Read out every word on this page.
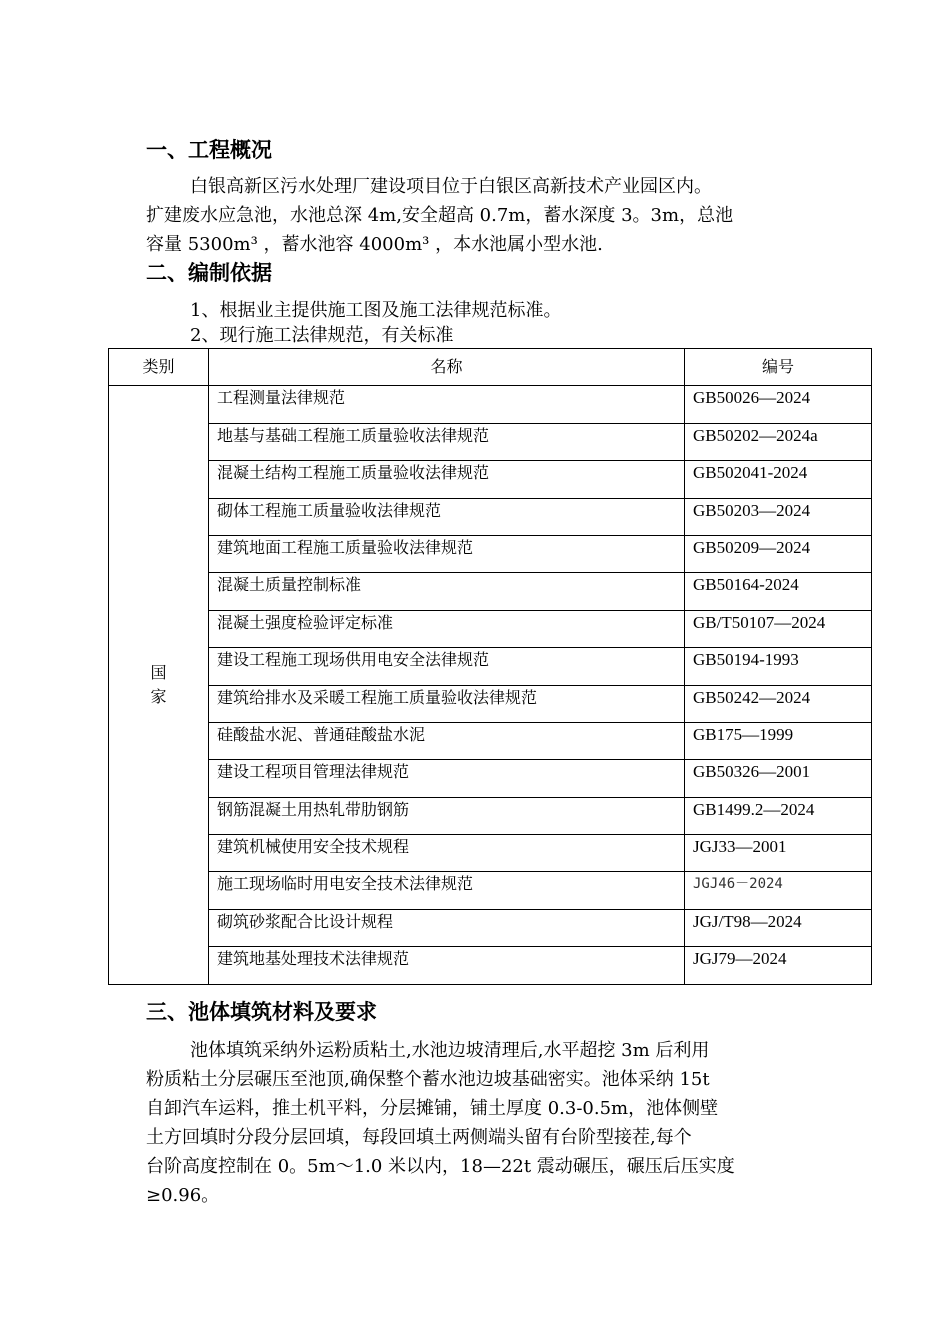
一、工程概况

白银高新区污水处理厂建设项目位于白银区高新技术产业园区内。
扩建废水应急池，水池总深 4m,安全超高 0.7m，蓄水深度 3。3m，总池
容量 5300m³ ，蓄水池容 4000m³ ，本水池属小型水池.

二、编制依据

1、根据业主提供施工图及施工法律规范标准。

2、现行施工法律规范，有关标准

类别	名称	编号
国家	工程测量法律规范	GB50026—2024
	地基与基础工程施工质量验收法律规范	GB50202—2024a
	混凝土结构工程施工质量验收法律规范	GB502041-2024
	砌体工程施工质量验收法律规范	GB50203—2024
	建筑地面工程施工质量验收法律规范	GB50209—2024
	混凝土质量控制标准	GB50164-2024
	混凝土强度检验评定标准	GB/T50107—2024
	建设工程施工现场供用电安全法律规范	GB50194-1993
	建筑给排水及采暖工程施工质量验收法律规范	GB50242—2024
	硅酸盐水泥、普通硅酸盐水泥	GB175—1999
	建设工程项目管理法律规范	GB50326—2001
	钢筋混凝土用热轧带肋钢筋	GB1499.2—2024
	建筑机械使用安全技术规程	JGJ33—2001
	施工现场临时用电安全技术法律规范	JGJ46－2024
	砌筑砂浆配合比设计规程	JGJ/T98—2024
	建筑地基处理技术法律规范	JGJ79—2024
三、池体填筑材料及要求

池体填筑采纳外运粉质粘土,水池边坡清理后,水平超挖 3m 后利用
粉质粘土分层碾压至池顶,确保整个蓄水池边坡基础密实。池体采纳 15t
自卸汽车运料，推土机平料，分层摊铺，铺土厚度 0.3-0.5m，池体侧壁
土方回填时分段分层回填，每段回填土两侧端头留有台阶型接茬,每个
台阶高度控制在 0。5m～1.0 米以内，18—22t 震动碾压，碾压后压实度
≥0.96。
